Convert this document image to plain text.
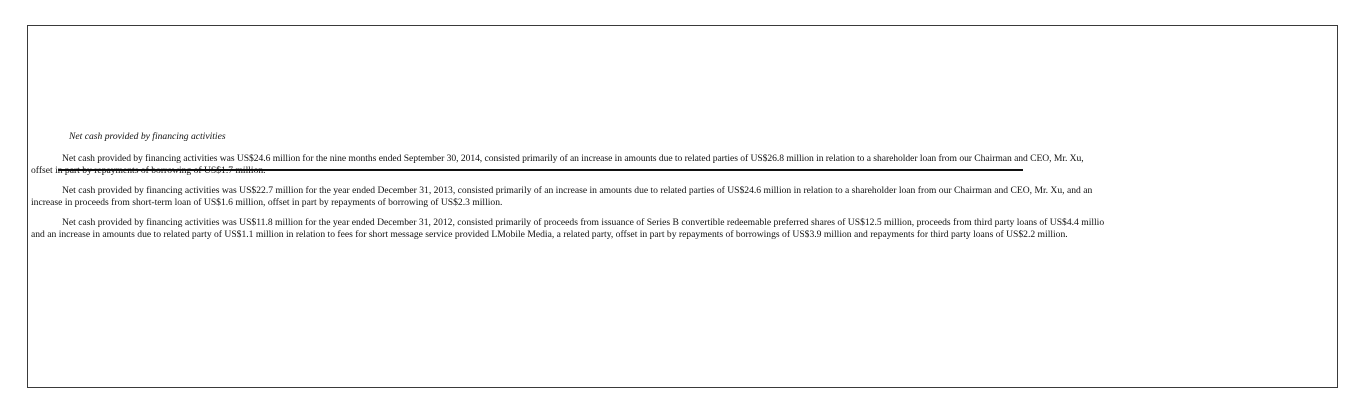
Net cash provided by financing activities
Net cash provided by financing activities was US$24.6 million for the nine months ended September 30, 2014, consisted primarily of an increase in amounts due to related parties of US$26.8 million in relation to a shareholder loan from our Chairman and CEO, Mr. Xu,
offset in part by repayments of borrowing of US$1.7 million.
Net cash provided by financing activities was US$22.7 million for the year ended December 31, 2013, consisted primarily of an increase in amounts due to related parties of US$24.6 million in relation to a shareholder loan from our Chairman and CEO, Mr. Xu, and an
increase in proceeds from short-term loan of US$1.6 million, offset in part by repayments of borrowing of US$2.3 million.
Net cash provided by financing activities was US$11.8 million for the year ended December 31, 2012, consisted primarily of proceeds from issuance of Series B convertible redeemable preferred shares of US$12.5 million, proceeds from third party loans of US$4.4 millio
and an increase in amounts due to related party of US$1.1 million in relation to fees for short message service provided LMobile Media, a related party, offset in part by repayments of borrowings of US$3.9 million and repayments for third party loans of US$2.2 million.
